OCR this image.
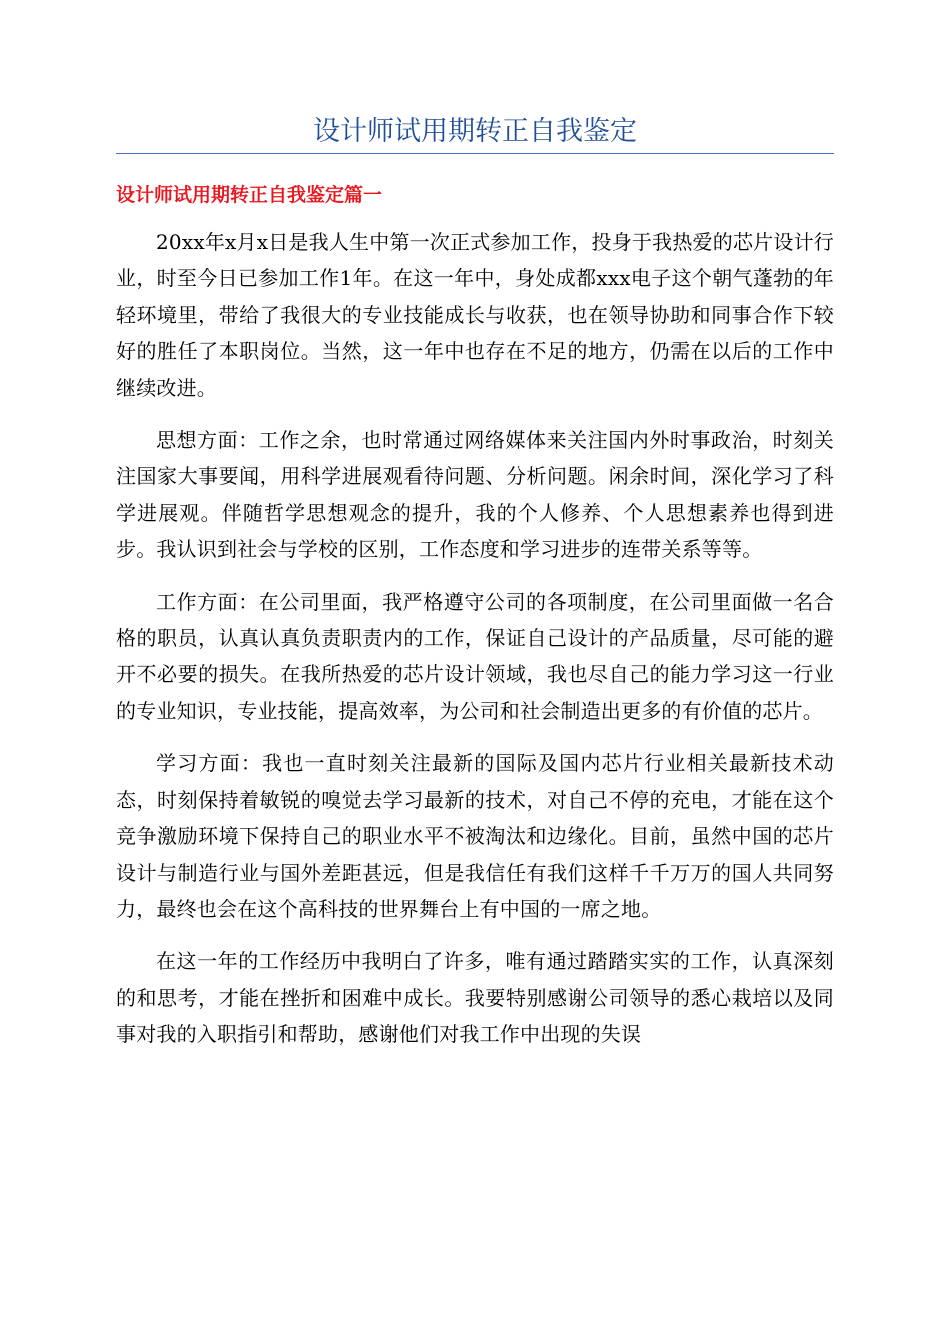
设计师试用期转正自我鉴定
设计师试用期转正自我鉴定篇一

20xx年x月x日是我人生中第一次正式参加工作，投身于我热爱的芯片设计行业，时至今日已参加工作1年。在这一年中，身处成都xxx电子这个朝气蓬勃的年轻环境里，带给了我很大的专业技能成长与收获，也在领导协助和同事合作下较好的胜任了本职岗位。当然，这一年中也存在不足的地方，仍需在以后的工作中继续改进。

思想方面：工作之余，也时常通过网络媒体来关注国内外时事政治，时刻关注国家大事要闻，用科学进展观看待问题、分析问题。闲余时间，深化学习了科学进展观。伴随哲学思想观念的提升，我的个人修养、个人思想素养也得到进步。我认识到社会与学校的区别，工作态度和学习进步的连带关系等等。

工作方面：在公司里面，我严格遵守公司的各项制度，在公司里面做一名合格的职员，认真认真负责职责内的工作，保证自己设计的产品质量，尽可能的避开不必要的损失。在我所热爱的芯片设计领域，我也尽自己的能力学习这一行业的专业知识，专业技能，提高效率，为公司和社会制造出更多的有价值的芯片。

学习方面：我也一直时刻关注最新的国际及国内芯片行业相关最新技术动态，时刻保持着敏锐的嗅觉去学习最新的技术，对自己不停的充电，才能在这个竞争激励环境下保持自己的职业水平不被淘汰和边缘化。目前，虽然中国的芯片设计与制造行业与国外差距甚远，但是我信任有我们这样千千万万的国人共同努力，最终也会在这个高科技的世界舞台上有中国的一席之地。

在这一年的工作经历中我明白了许多，唯有通过踏踏实实的工作，认真深刻的和思考，才能在挫折和困难中成长。我要特别感谢公司领导的悉心栽培以及同事对我的入职指引和帮助，感谢他们对我工作中出现的失误
